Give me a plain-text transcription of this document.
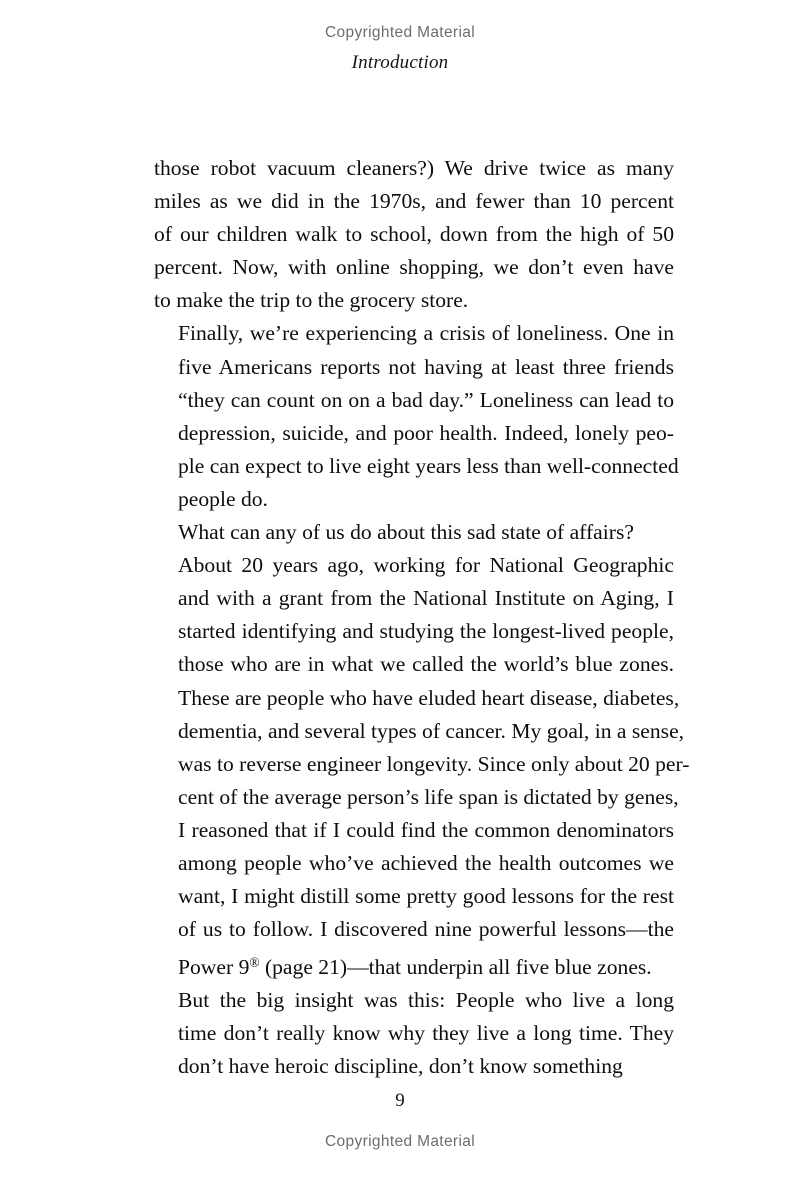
Copyrighted Material
Introduction

those robot vacuum cleaners?) We drive twice as many
miles as we did in the 1970s, and fewer than 10 percent
of our children walk to school, down from the high of 50
percent. Now, with online shopping, we don’t even have
to make the trip to the grocery store.

Finally, we’re experiencing a crisis of loneliness. One in
five Americans reports not having at least three friends
“they can count on on a bad day.” Loneliness can lead to
depression, suicide, and poor health. Indeed, lonely peo-
ple can expect to live eight years less than well-connected
people do.

What can any of us do about this sad state of affairs?

About 20 years ago, working for National Geographic
and with a grant from the National Institute on Aging, I
started identifying and studying the longest-lived people,
those who are in what we called the world’s blue zones.
These are people who have eluded heart disease, diabetes,
dementia, and several types of cancer. My goal, in a sense,
was to reverse engineer longevity. Since only about 20 per-
cent of the average person’s life span is dictated by genes,
I reasoned that if I could find the common denominators
among people who’ve achieved the health outcomes we
want, I might distill some pretty good lessons for the rest
of us to follow. I discovered nine powerful lessons—the
Power 9® (page 21)—that underpin all five blue zones.

But the big insight was this: People who live a long
time don’t really know why they live a long time. They
don’t have heroic discipline, don’t know something

9
Copyrighted Material
